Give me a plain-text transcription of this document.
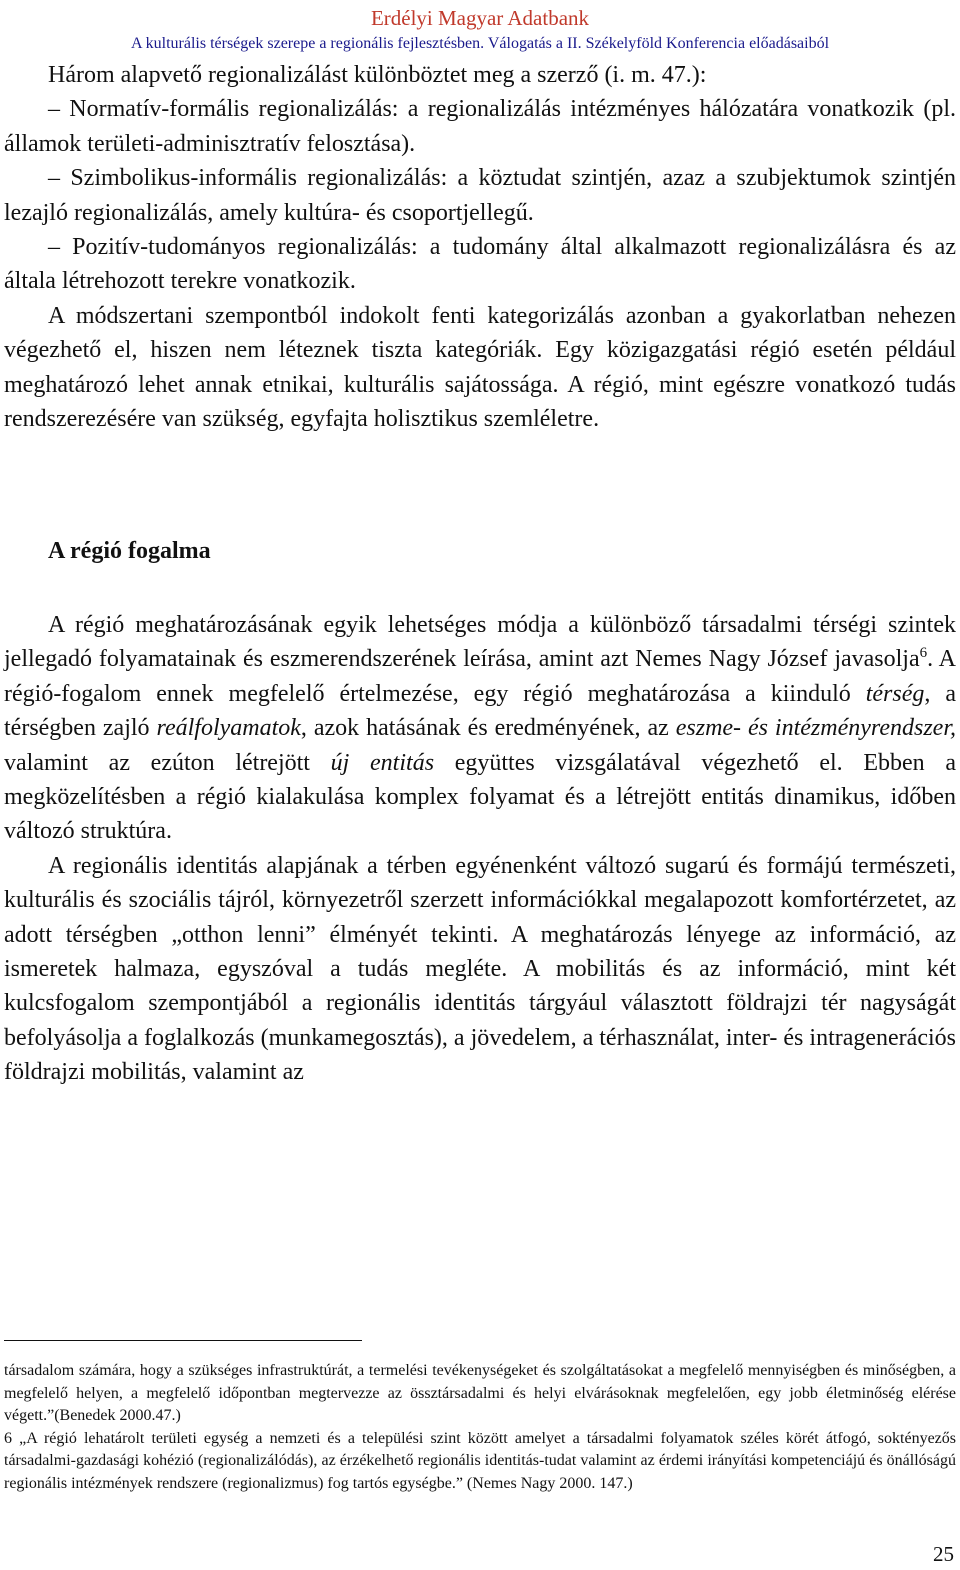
Erdélyi Magyar Adatbank
A kulturális térségek szerepe a regionális fejlesztésben. Válogatás a II. Székelyföld Konferencia előadásaiból

Három alapvető regionalizálást különböztet meg a szerző (i. m. 47.):

– Normatív-formális regionalizálás: a regionalizálás intézményes hálózatára vonatkozik (pl. államok területi-adminisztratív felosztása).

– Szimbolikus-informális regionalizálás: a köztudat szintjén, azaz a szubjektumok szintjén lezajló regionalizálás, amely kultúra- és csoportjellegű.

– Pozitív-tudományos regionalizálás: a tudomány által alkalmazott regionalizálásra és az általa létrehozott terekre vonatkozik.

A módszertani szempontból indokolt fenti kategorizálás azonban a gyakorlatban nehezen végezhető el, hiszen nem léteznek tiszta kategóriák. Egy közigazgatási régió esetén például meghatározó lehet annak etnikai, kulturális sajátossága. A régió, mint egészre vonatkozó tudás rendszerezésére van szükség, egyfajta holisztikus szemléletre.

A régió fogalma

A régió meghatározásának egyik lehetséges módja a különböző társadalmi térségi szintek jellegadó folyamatainak és eszmerendszerének leírása, amint azt Nemes Nagy József javasolja$^6$. A régió-fogalom ennek megfelelő értelmezése, egy régió meghatározása a kiinduló térség, a térségben zajló reálfolyamatok, azok hatásának és eredményének, az eszme- és intézményrendszer, valamint az ezúton létrejött új entitás együttes vizsgálatával végezhető el. Ebben a megközelítésben a régió kialakulása komplex folyamat és a létrejött entitás dinamikus, időben változó struktúra.

A regionális identitás alapjának a térben egyénenként változó sugarú és formájú természeti, kulturális és szociális tájról, környezetről szerzett információkkal megalapozott komfortérzetet, az adott térségben „otthon lenni” élményét tekinti. A meghatározás lényege az információ, az ismeretek halmaza, egyszóval a tudás megléte. A mobilitás és az információ, mint két kulcsfogalom szempontjából a regionális identitás tárgyául választott földrajzi tér nagyságát befolyásolja a foglalkozás (munkamegosztás), a jövedelem, a térhasználat, inter- és intragenerációs földrajzi mobilitás, valamint az

társadalom számára, hogy a szükséges infrastruktúrát, a termelési tevékenységeket és szolgáltatásokat a megfelelő mennyiségben és minőségben, a megfelelő helyen, a megfelelő időpontban megtervezze az össztársadalmi és helyi elvárásoknak megfelelően, egy jobb életminőség elérése végett.”(Benedek 2000.47.)

6 „A régió lehatárolt területi egység a nemzeti és a települési szint között amelyet a társadalmi folyamatok széles körét átfogó, soktényezős társadalmi-gazdasági kohézió (regionalizálódás), az érzékelhető regionális identitás-tudat valamint az érdemi irányítási kompetenciájú és önállóságú regionális intézmények rendszere (regionalizmus) fog tartós egységbe.” (Nemes Nagy 2000. 147.)

25
